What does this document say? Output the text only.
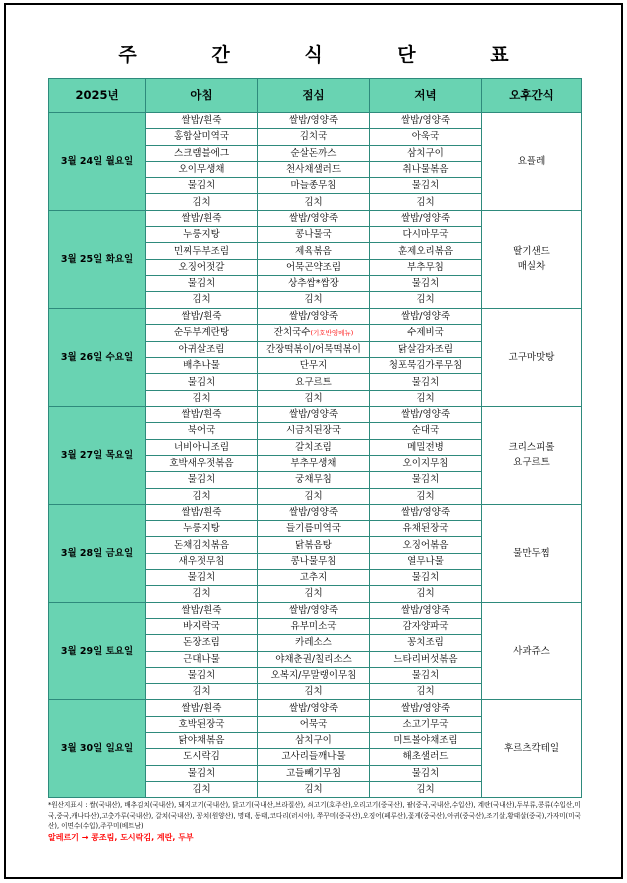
주 간 식 단 표
2025년	아침	점심	저녁	오후간식
3월 24일 월요일	쌀밥/흰죽	쌀밥/영양죽	쌀밥/영양죽	요플레
	홍합살미역국	김치국	아욱국	
	스크램블에그	순살돈까스	삼치구이	
	오이무생채	천사채샐러드	취나물볶음	
	물김치	마늘종무침	물김치	
	김치	김치	김치	
3월 25일 화요일	쌀밥/흰죽	쌀밥/영양죽	쌀밥/영양죽	딸기샌드
매실차
	누룽지탕	콩나물국	다시마무국	
	민찌두부조림	제육볶음	훈제오리볶음	
	오징어젓갈	어묵곤약조림	부추무침	
	물김치	상추쌈*쌈장	물김치	
	김치	김치	김치	
3월 26일 수요일	쌀밥/흰죽	쌀밥/영양죽	쌀밥/영양죽	고구마맛탕
	순두부계란탕	잔치국수(기호반영메뉴)	수제비국	
	아귀살조림	간장떡볶이/어묵떡볶이	닭살감자조림	
	배추나물	단무지	청포묵김가루무침	
	물김치	요구르트	물김치	
	김치	김치	김치	
3월 27일 목요일	쌀밥/흰죽	쌀밥/영양죽	쌀밥/영양죽	크리스피롤
요구르트
	북어국	시금치된장국	순대국	
	너비아니조림	갈치조림	메밀전병	
	호박새우젓볶음	부추무생채	오이지무침	
	물김치	궁채무침	물김치	
	김치	김치	김치	
3월 28일 금요일	쌀밥/흰죽	쌀밥/영양죽	쌀밥/영양죽	물만두찜
	누룽지탕	들기름미역국	유채된장국	
	돈채김치볶음	닭볶음탕	오징어볶음	
	새우젓무침	콩나물무침	열무나물	
	물김치	고추지	물김치	
	김치	김치	김치	
3월 29일 토요일	쌀밥/흰죽	쌀밥/영양죽	쌀밥/영양죽	사과쥬스
	바지락국	유부미소국	감자양파국	
	돈장조림	카레소스	꽁치조림	
	근대나물	야채춘권/칠리소스	느타리버섯볶음	
	물김치	오복지/무말랭이무침	물김치	
	김치	김치	김치	
3월 30일 일요일	쌀밥/흰죽	쌀밥/영양죽	쌀밥/영양죽	후르츠칵테일
	호박된장국	어묵국	소고기무국	
	닭야채볶음	삼치구이	미트볼야채조림	
	도시락김	고사리들깨나물	해초샐러드	
	물김치	고들빼기무침	물김치	
	김치	김치	김치	
*원산지표시 : 쌀(국내산), 배추김치(국내산), 돼지고기(국내산), 닭고기(국내산,브라질산), 쇠고기(호주산),오리고기(중국산), 팥(중국,국내산,수입산), 계란(국내산),두부류,콩류(수입산,미국,중국,캐나다산),고춧가루(국내산), 갈치(국내산), 꽁치(원양산), 명태, 동태,코다리(러시아), 쭈꾸미(중국산),오징어(페루산),꽃게(중국산),아귀(중국산),조기살,황태살(중국),가자미(미국산), 이면수(수입),주꾸미(베트남)
알레르기 → 콩조림, 도시락김, 계란, 두부
